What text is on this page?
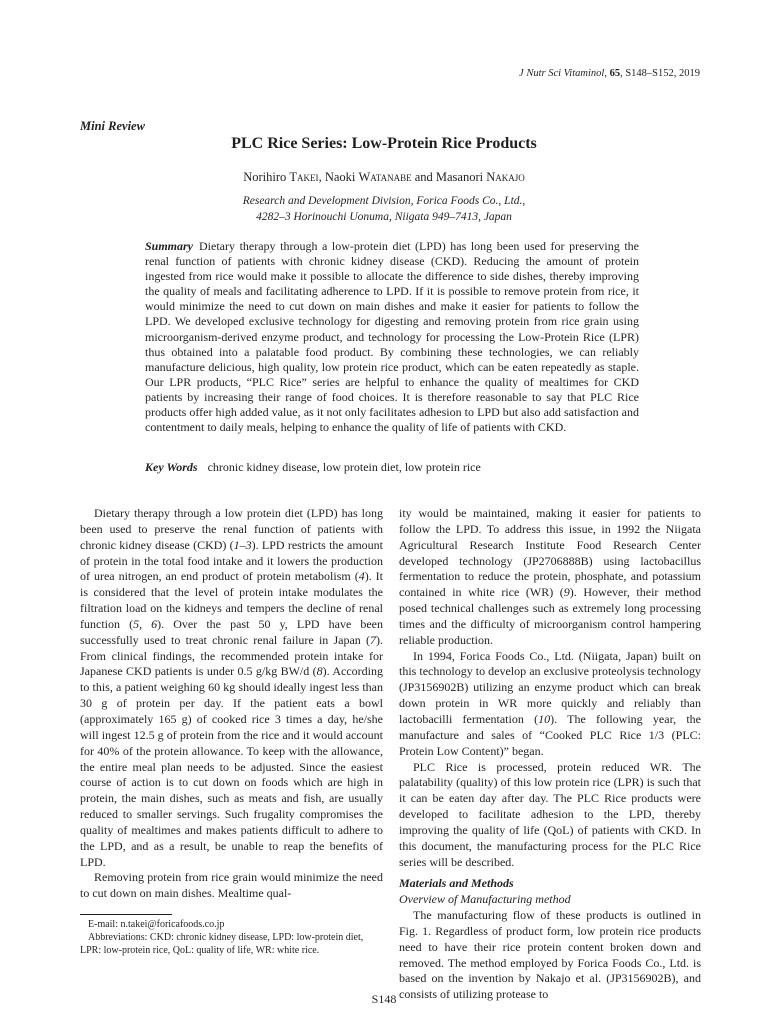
J Nutr Sci Vitaminol, 65, S148–S152, 2019
Mini Review
PLC Rice Series: Low-Protein Rice Products
Norihiro Takei, Naoki Watanabe and Masanori Nakajo
Research and Development Division, Forica Foods Co., Ltd.,
4282–3 Horinouchi Uonuma, Niigata 949–7413, Japan
Summary Dietary therapy through a low-protein diet (LPD) has long been used for preserving the renal function of patients with chronic kidney disease (CKD). Reducing the amount of protein ingested from rice would make it possible to allocate the difference to side dishes, thereby improving the quality of meals and facilitating adherence to LPD. If it is possible to remove protein from rice, it would minimize the need to cut down on main dishes and make it easier for patients to follow the LPD. We developed exclusive technology for digesting and removing protein from rice grain using microorganism-derived enzyme product, and technology for processing the Low-Protein Rice (LPR) thus obtained into a palatable food product. By combining these technologies, we can reliably manufacture delicious, high quality, low protein rice product, which can be eaten repeatedly as staple. Our LPR products, “PLC Rice” series are helpful to enhance the quality of mealtimes for CKD patients by increasing their range of food choices. It is therefore reasonable to say that PLC Rice products offer high added value, as it not only facilitates adhesion to LPD but also add satisfaction and contentment to daily meals, helping to enhance the quality of life of patients with CKD.
Key Words chronic kidney disease, low protein diet, low protein rice

Dietary therapy through a low protein diet (LPD) has long been used to preserve the renal function of patients with chronic kidney disease (CKD) (1–3). LPD restricts the amount of protein in the total food intake and it lowers the production of urea nitrogen, an end product of protein metabolism (4). It is considered that the level of protein intake modulates the filtration load on the kidneys and tempers the decline of renal function (5, 6). Over the past 50 y, LPD have been successfully used to treat chronic renal failure in Japan (7). From clinical findings, the recommended protein intake for Japanese CKD patients is under 0.5 g/kg BW/d (8). According to this, a patient weighing 60 kg should ideally ingest less than 30 g of protein per day. If the patient eats a bowl (approximately 165 g) of cooked rice 3 times a day, he/she will ingest 12.5 g of protein from the rice and it would account for 40% of the protein allowance. To keep with the allowance, the entire meal plan needs to be adjusted. Since the easiest course of action is to cut down on foods which are high in protein, the main dishes, such as meats and fish, are usually reduced to smaller servings. Such frugality compromises the quality of mealtimes and makes patients difficult to adhere to the LPD, and as a result, be unable to reap the benefits of LPD.

Removing protein from rice grain would minimize the need to cut down on main dishes. Mealtime qual-

ity would be maintained, making it easier for patients to follow the LPD. To address this issue, in 1992 the Niigata Agricultural Research Institute Food Research Center developed technology (JP2706888B) using lactobacillus fermentation to reduce the protein, phosphate, and potassium contained in white rice (WR) (9). However, their method posed technical challenges such as extremely long processing times and the difficulty of microorganism control hampering reliable production.

In 1994, Forica Foods Co., Ltd. (Niigata, Japan) built on this technology to develop an exclusive proteolysis technology (JP3156902B) utilizing an enzyme product which can break down protein in WR more quickly and reliably than lactobacilli fermentation (10). The following year, the manufacture and sales of “Cooked PLC Rice 1/3 (PLC: Protein Low Content)” began.

PLC Rice is processed, protein reduced WR. The palatability (quality) of this low protein rice (LPR) is such that it can be eaten day after day. The PLC Rice products were developed to facilitate adhesion to the LPD, thereby improving the quality of life (QoL) of patients with CKD. In this document, the manufacturing process for the PLC Rice series will be described.

Materials and Methods
Overview of Manufacturing method

The manufacturing flow of these products is outlined in Fig. 1. Regardless of product form, low protein rice products need to have their rice protein content broken down and removed. The method employed by Forica Foods Co., Ltd. is based on the invention by Nakajo et al. (JP3156902B), and consists of utilizing protease to

E-mail: n.takei@foricafoods.co.jp

Abbreviations: CKD: chronic kidney disease, LPD: low-protein diet, LPR: low-protein rice, QoL: quality of life, WR: white rice.

S148
